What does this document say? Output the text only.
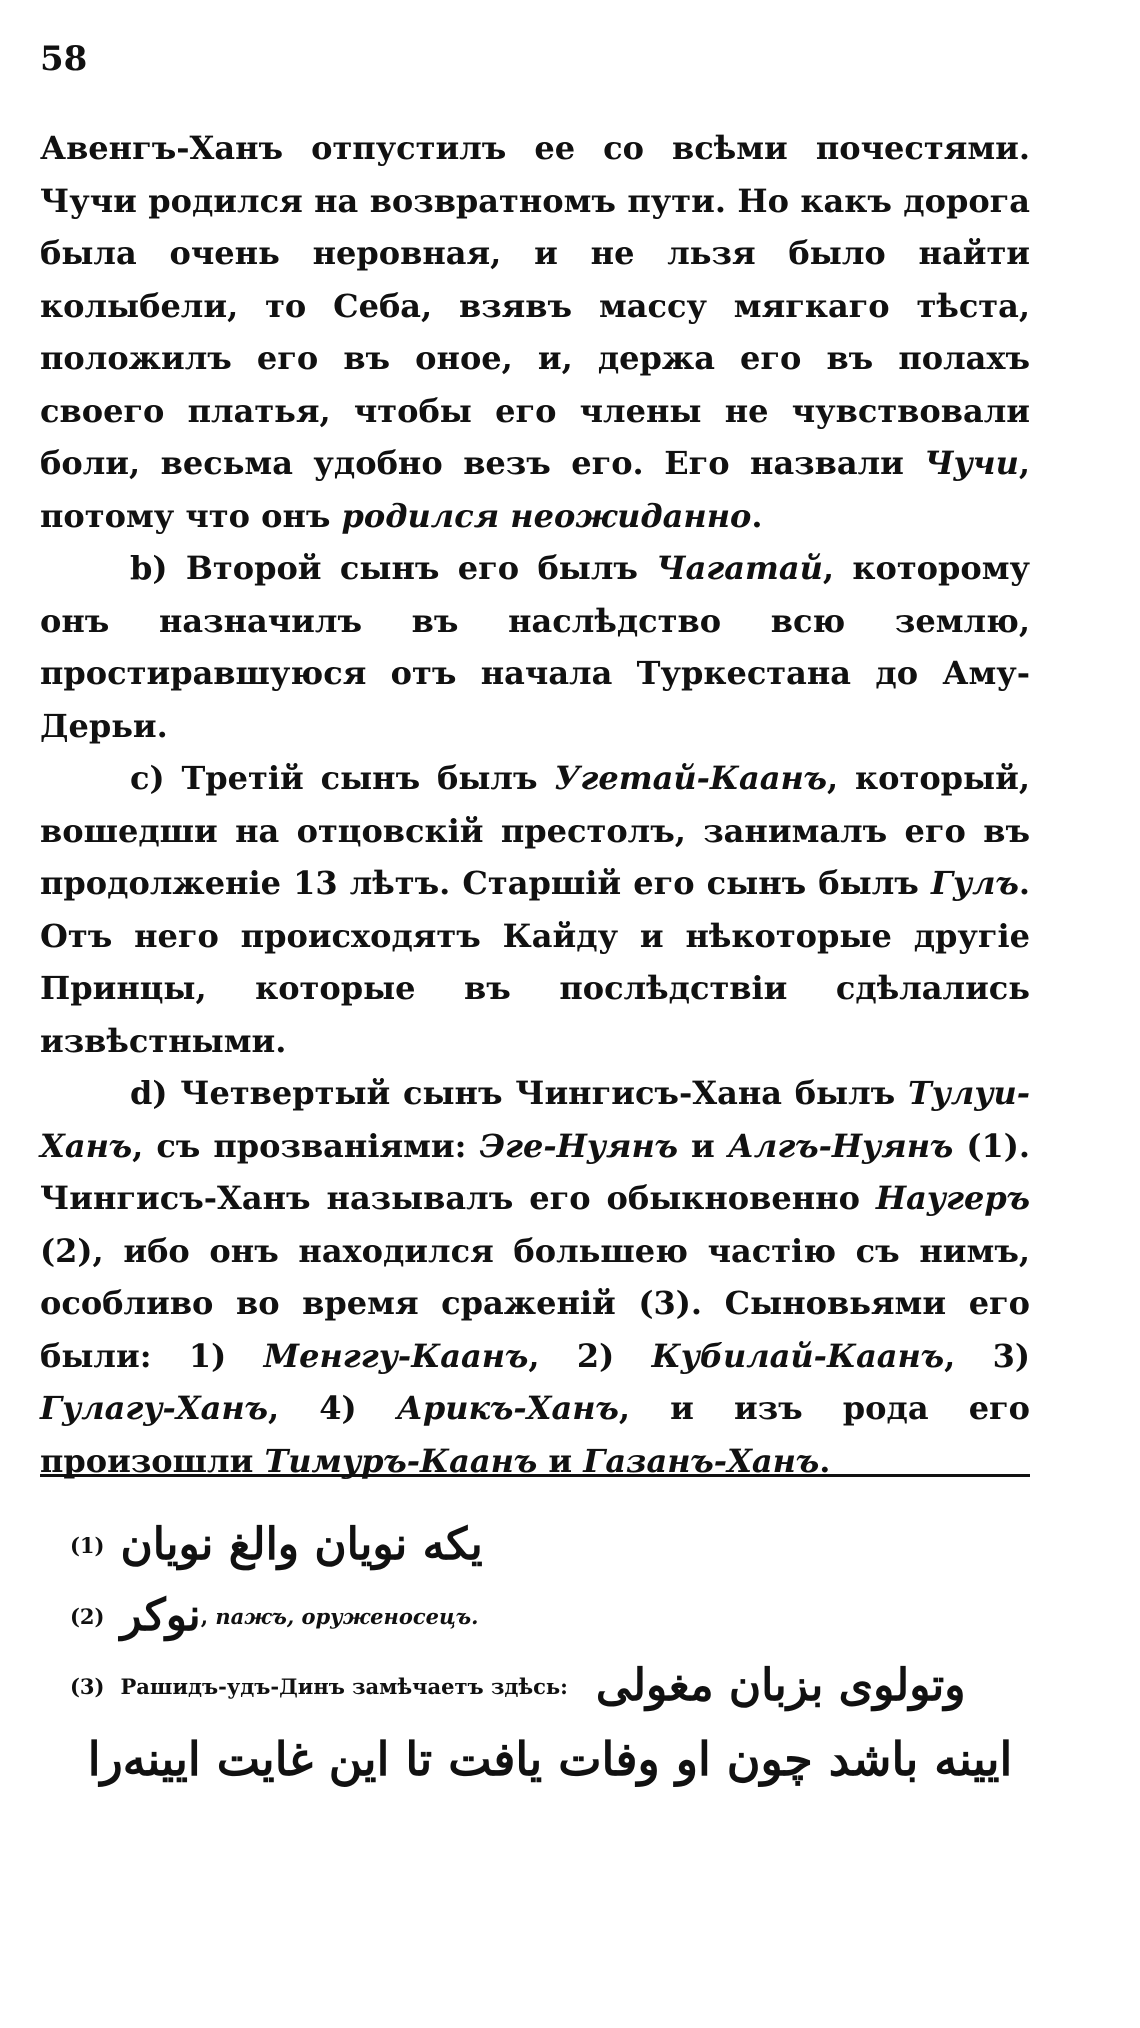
58

Авенгъ-Ханъ отпустилъ ее со всѣми почестями. Чучи родился на возвратномъ пути. Но какъ дорога была очень неровная, и не льзя было найти колыбели, то Себа, взявъ массу мягкаго тѣста, положилъ его въ оное, и, держа его въ полахъ своего платья, чтобы его члены не чувствовали боли, весьма удобно везъ его. Его назвали Чучи, потому что онъ родился неожиданно.

b) Второй сынъ его былъ Чагатай, которому онъ назначилъ въ наслѣдство всю землю, простиравшуюся отъ начала Туркестана до Аму-Дерьи.

c) Третій сынъ былъ Угетай-Каанъ, который, вошедши на отцовскій престолъ, занималъ его въ продолженіе 13 лѣтъ. Старшій его сынъ былъ Гулъ. Отъ него происходятъ Кайду и нѣкоторые другіе Принцы, которые въ послѣдствіи сдѣлались извѣстными.

d) Четвертый сынъ Чингисъ-Хана былъ Тулуи-Ханъ, съ прозваніями: Эге-Нуянъ и Алгъ-Нуянъ (1). Чингисъ-Ханъ называлъ его обыкновенно Наугеръ (2), ибо онъ находился большею частію съ нимъ, особливо во время сраженій (3). Сыновьями его были: 1) Менггу-Каанъ, 2) Кубилай-Каанъ, 3) Гулагу-Ханъ, 4) Арикъ-Ханъ, и изъ рода его произошли Тимуръ-Каанъ и Газанъ-Ханъ.

(1) يكه نويان والغ نويان
(2) نوكر , пажъ, оруженосецъ.
(3) Рашидъ-удъ-Динъ замѣчаетъ здѣсь: وتولوى بزبان مغولى
ايينه باشد چون او وفات يافت تا اين غايت ايينه‌را
